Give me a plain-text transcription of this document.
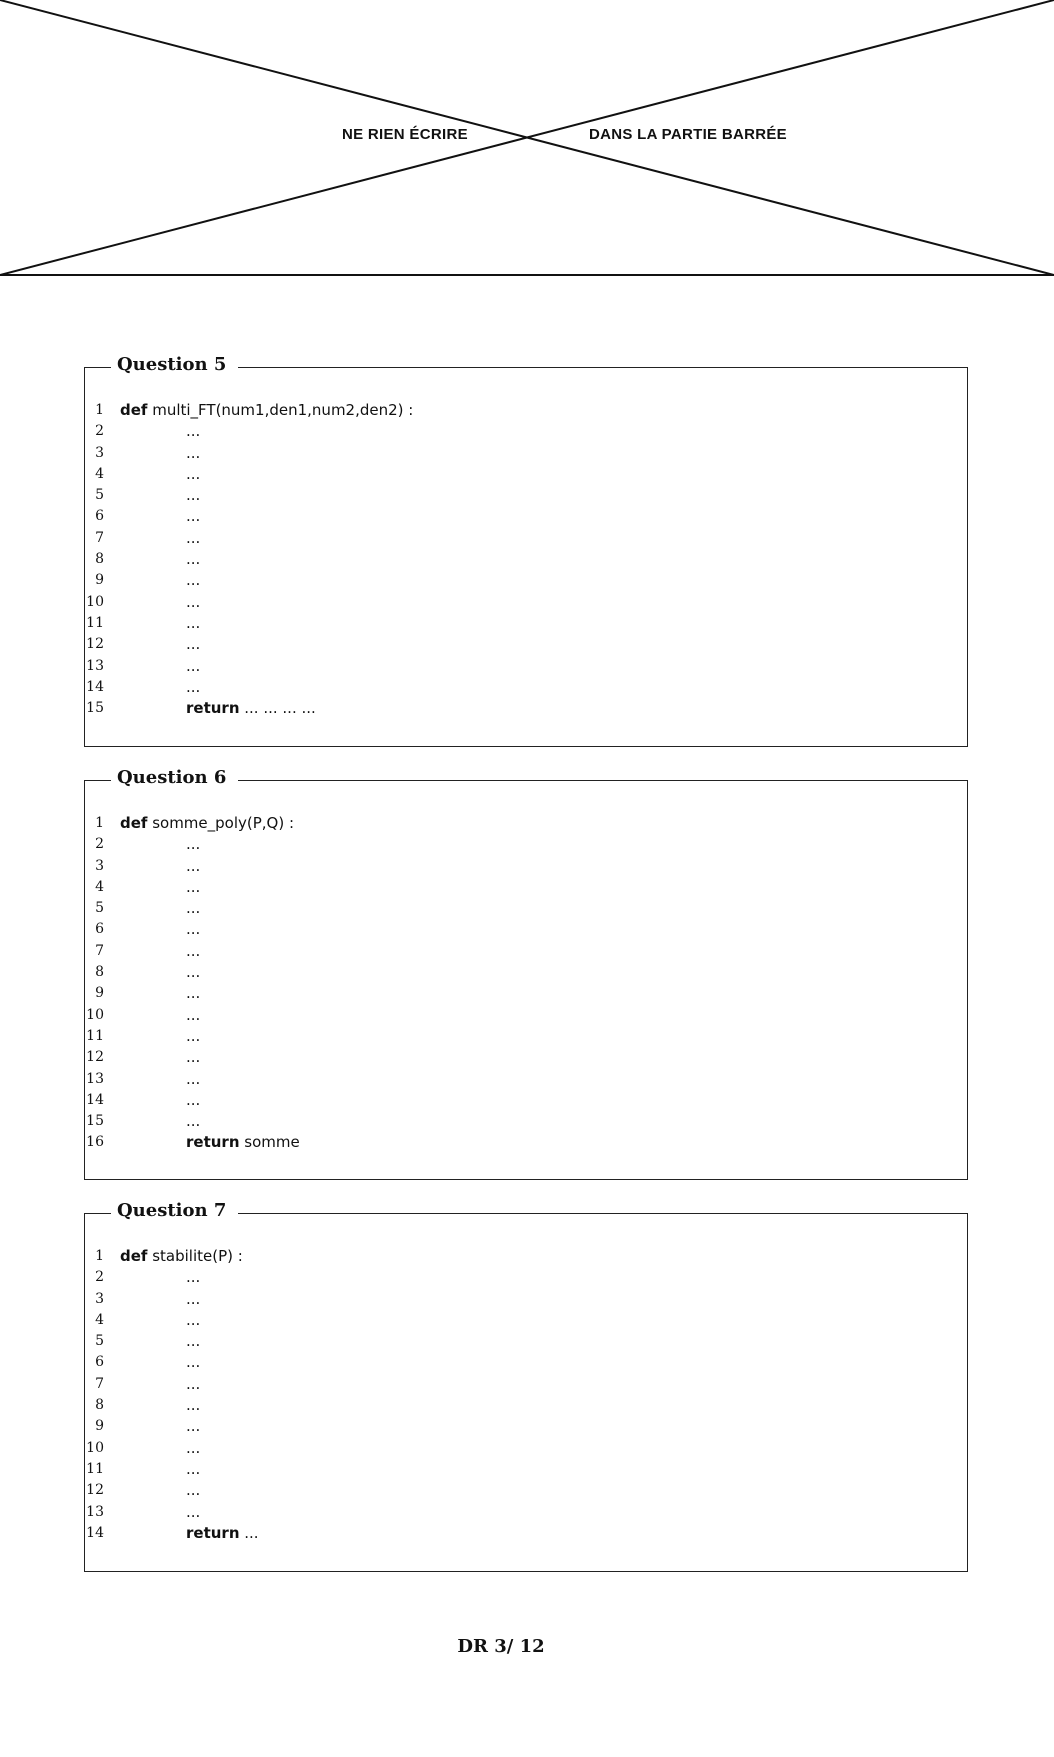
NE RIEN ÉCRIRE	DANS LA PARTIE BARRÉE
Question 5
1 def multi_FT(num1,den1,num2,den2) :
2	...
3	...
4	...
5	...
6	...
7	...
8	...
9	...
10	...
11	...
12	...
13	...
14	...
15	return ... ... ... ...
Question 6
1 def somme_poly(P,Q) :
2	...
3	...
4	...
5	...
6	...
7	...
8	...
9	...
10	...
11	...
12	...
13	...
14	...
15	...
16	return somme
Question 7
1 def stabilite(P) :
2	...
3	...
4	...
5	...
6	...
7	...
8	...
9	...
10	...
11	...
12	...
13	...
14	return ...
DR 3/ 12
